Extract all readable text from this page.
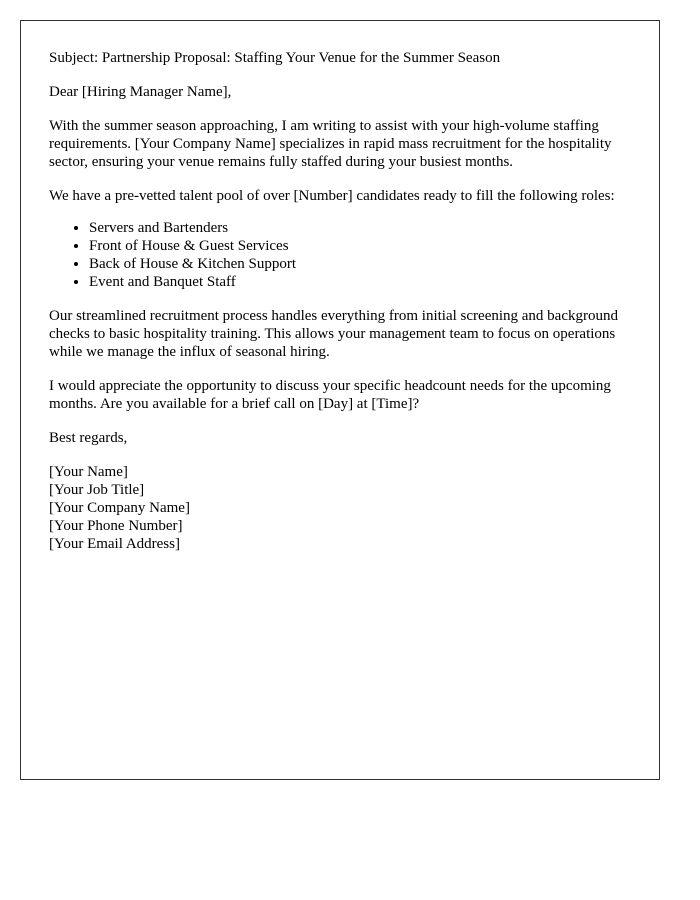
Subject: Partnership Proposal: Staffing Your Venue for the Summer Season

Dear [Hiring Manager Name],

With the summer season approaching, I am writing to assist with your high-volume staffing requirements. [Your Company Name] specializes in rapid mass recruitment for the hospitality sector, ensuring your venue remains fully staffed during your busiest months.

We have a pre-vetted talent pool of over [Number] candidates ready to fill the following roles:

• Servers and Bartenders
• Front of House & Guest Services
• Back of House & Kitchen Support
• Event and Banquet Staff

Our streamlined recruitment process handles everything from initial screening and background checks to basic hospitality training. This allows your management team to focus on operations while we manage the influx of seasonal hiring.

I would appreciate the opportunity to discuss your specific headcount needs for the upcoming months. Are you available for a brief call on [Day] at [Time]?

Best regards,

[Your Name]
[Your Job Title]
[Your Company Name]
[Your Phone Number]
[Your Email Address]
